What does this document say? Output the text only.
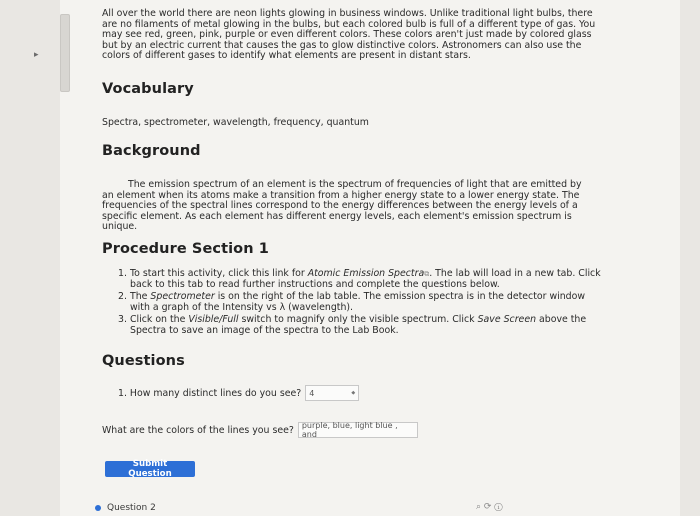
▸
All over the world there are neon lights glowing in business windows. Unlike traditional light bulbs, there are no filaments of metal glowing in the bulbs, but each colored bulb is full of a different type of gas. You may see red, green, pink, purple or even different colors. These colors aren't just made by colored glass but by an electric current that causes the gas to glow distinctive colors. Astronomers can also use the colors of different gases to identify what elements are present in distant stars.
Vocabulary
Spectra, spectrometer, wavelength, frequency, quantum
Background
The emission spectrum of an element is the spectrum of frequencies of light that are emitted by an element when its atoms make a transition from a higher energy state to a lower energy state. The frequencies of the spectral lines correspond to the energy differences between the energy levels of a specific element. As each element has different energy levels, each element's emission spectrum is unique.
Procedure Section 1
1. To start this activity, click this link for Atomic Emission Spectra⧉. The lab will load in a new tab. Click back to this tab to read further instructions and complete the questions below.
2. The Spectrometer is on the right of the lab table. The emission spectra is in the detector window with a graph of the Intensity vs λ (wavelength).
3. Click on the Visible/Full switch to magnify only the visible spectrum. Click Save Screen above the Spectra to save an image of the spectra to the Lab Book.
Questions
1. How many distinct lines do you see? 4	◆
What are the colors of the lines you see? purple, blue, light blue , and
Submit Question
Question 2	⌕ ⟳ ⓘ
